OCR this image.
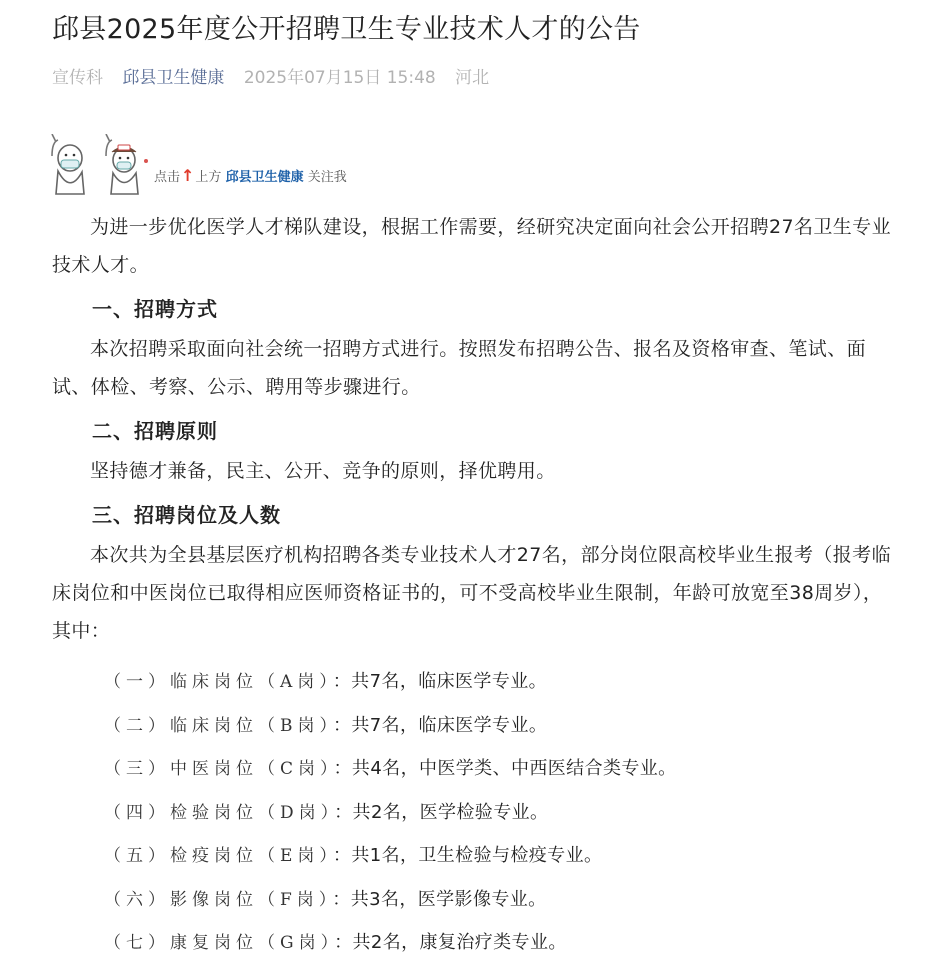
邱县2025年度公开招聘卫生专业技术人才的公告
宣传科 邱县卫生健康 2025年07月15日 15:48 河北
点击↑上方 邱县卫生健康 关注我

为进一步优化医学人才梯队建设，根据工作需要，经研究决定面向社会公开招聘27名卫生专业技术人才。

一、招聘方式

本次招聘采取面向社会统一招聘方式进行。按照发布招聘公告、报名及资格审查、笔试、面试、体检、考察、公示、聘用等步骤进行。

二、招聘原则

坚持德才兼备，民主、公开、竞争的原则，择优聘用。

三、招聘岗位及人数

本次共为全县基层医疗机构招聘各类专业技术人才27名，部分岗位限高校毕业生报考（报考临床岗位和中医岗位已取得相应医师资格证书的，可不受高校毕业生限制，年龄可放宽至38周岁），其中：

（一）临床岗位（A岗）：共7名，临床医学专业。
（二）临床岗位（B岗）：共7名，临床医学专业。
（三）中医岗位（C岗）：共4名，中医学类、中西医结合类专业。
（四）检验岗位（D岗）：共2名，医学检验专业。
（五）检疫岗位（E岗）：共1名，卫生检验与检疫专业。
（六）影像岗位（F岗）：共3名，医学影像专业。
（七）康复岗位（G岗）：共2名，康复治疗类专业。
